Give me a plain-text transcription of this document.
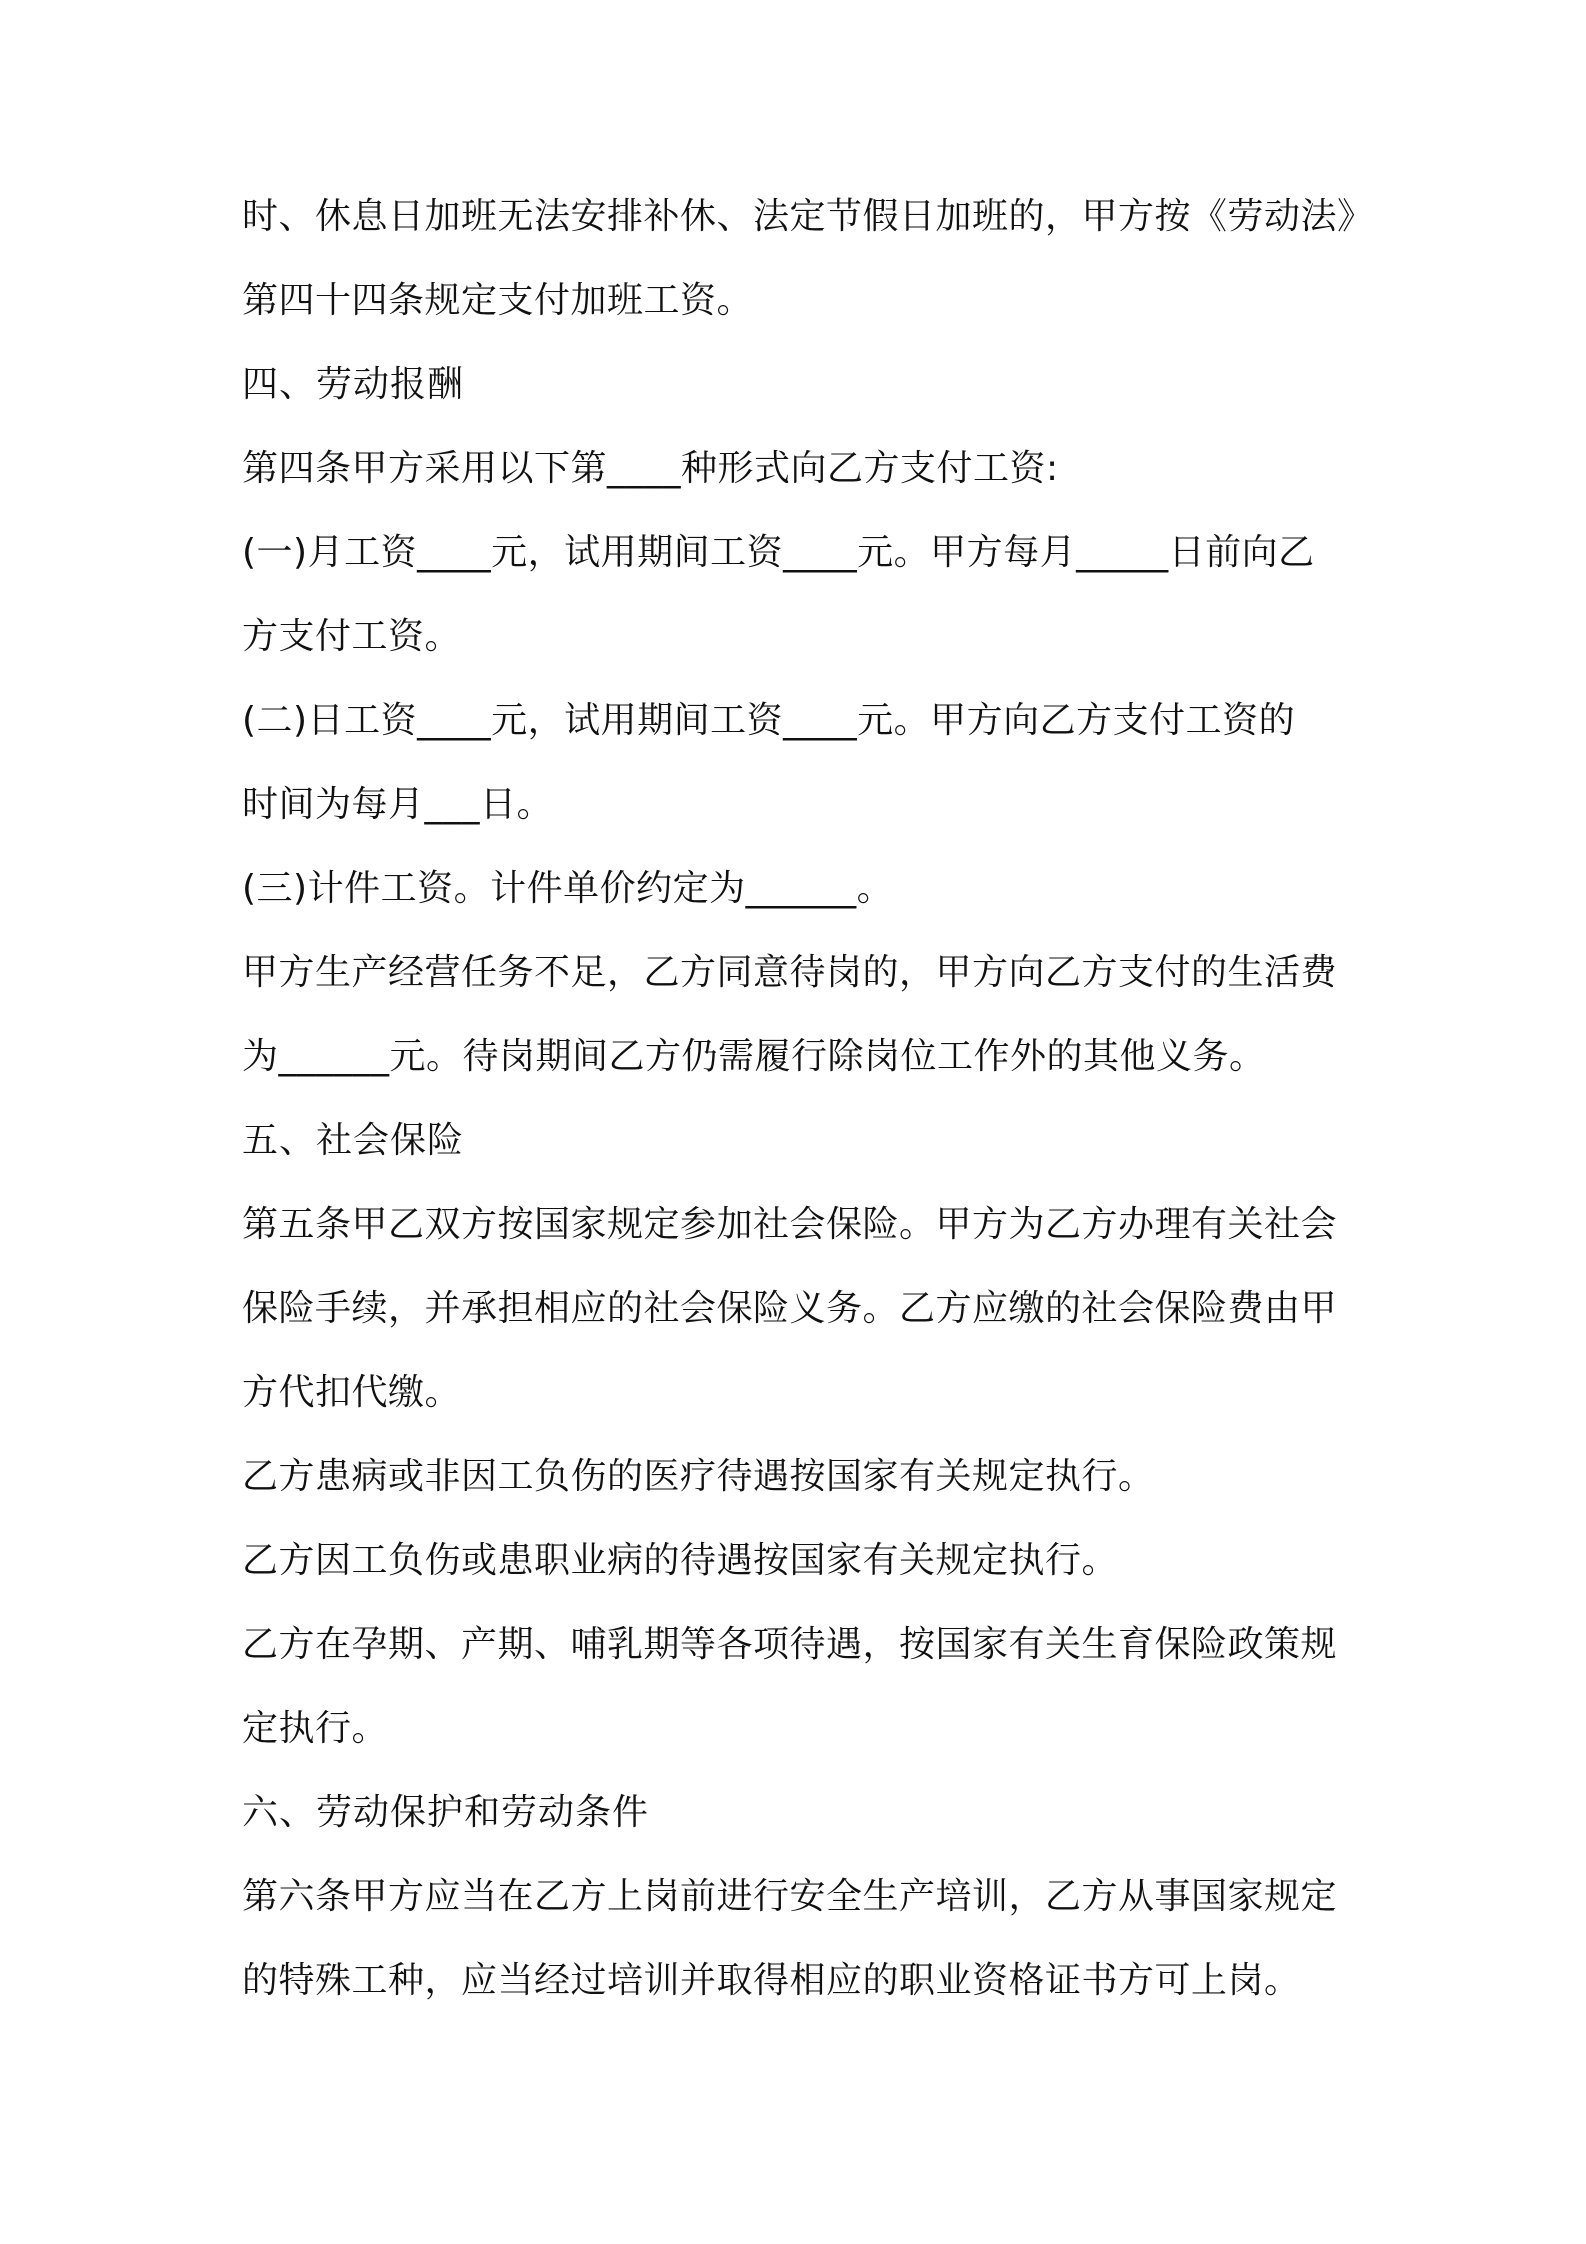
时、休息日加班无法安排补休、法定节假日加班的，甲方按《劳动法》
第四十四条规定支付加班工资。
四、劳动报酬
第四条甲方采用以下第____种形式向乙方支付工资:
(一)月工资____元，试用期间工资____元。甲方每月_____日前向乙
方支付工资。
(二)日工资____元，试用期间工资____元。甲方向乙方支付工资的
时间为每月___日。
(三)计件工资。计件单价约定为______。
甲方生产经营任务不足，乙方同意待岗的，甲方向乙方支付的生活费
为______元。待岗期间乙方仍需履行除岗位工作外的其他义务。
五、社会保险
第五条甲乙双方按国家规定参加社会保险。甲方为乙方办理有关社会
保险手续，并承担相应的社会保险义务。乙方应缴的社会保险费由甲
方代扣代缴。
乙方患病或非因工负伤的医疗待遇按国家有关规定执行。
乙方因工负伤或患职业病的待遇按国家有关规定执行。
乙方在孕期、产期、哺乳期等各项待遇，按国家有关生育保险政策规
定执行。
六、劳动保护和劳动条件
第六条甲方应当在乙方上岗前进行安全生产培训，乙方从事国家规定
的特殊工种，应当经过培训并取得相应的职业资格证书方可上岗。
